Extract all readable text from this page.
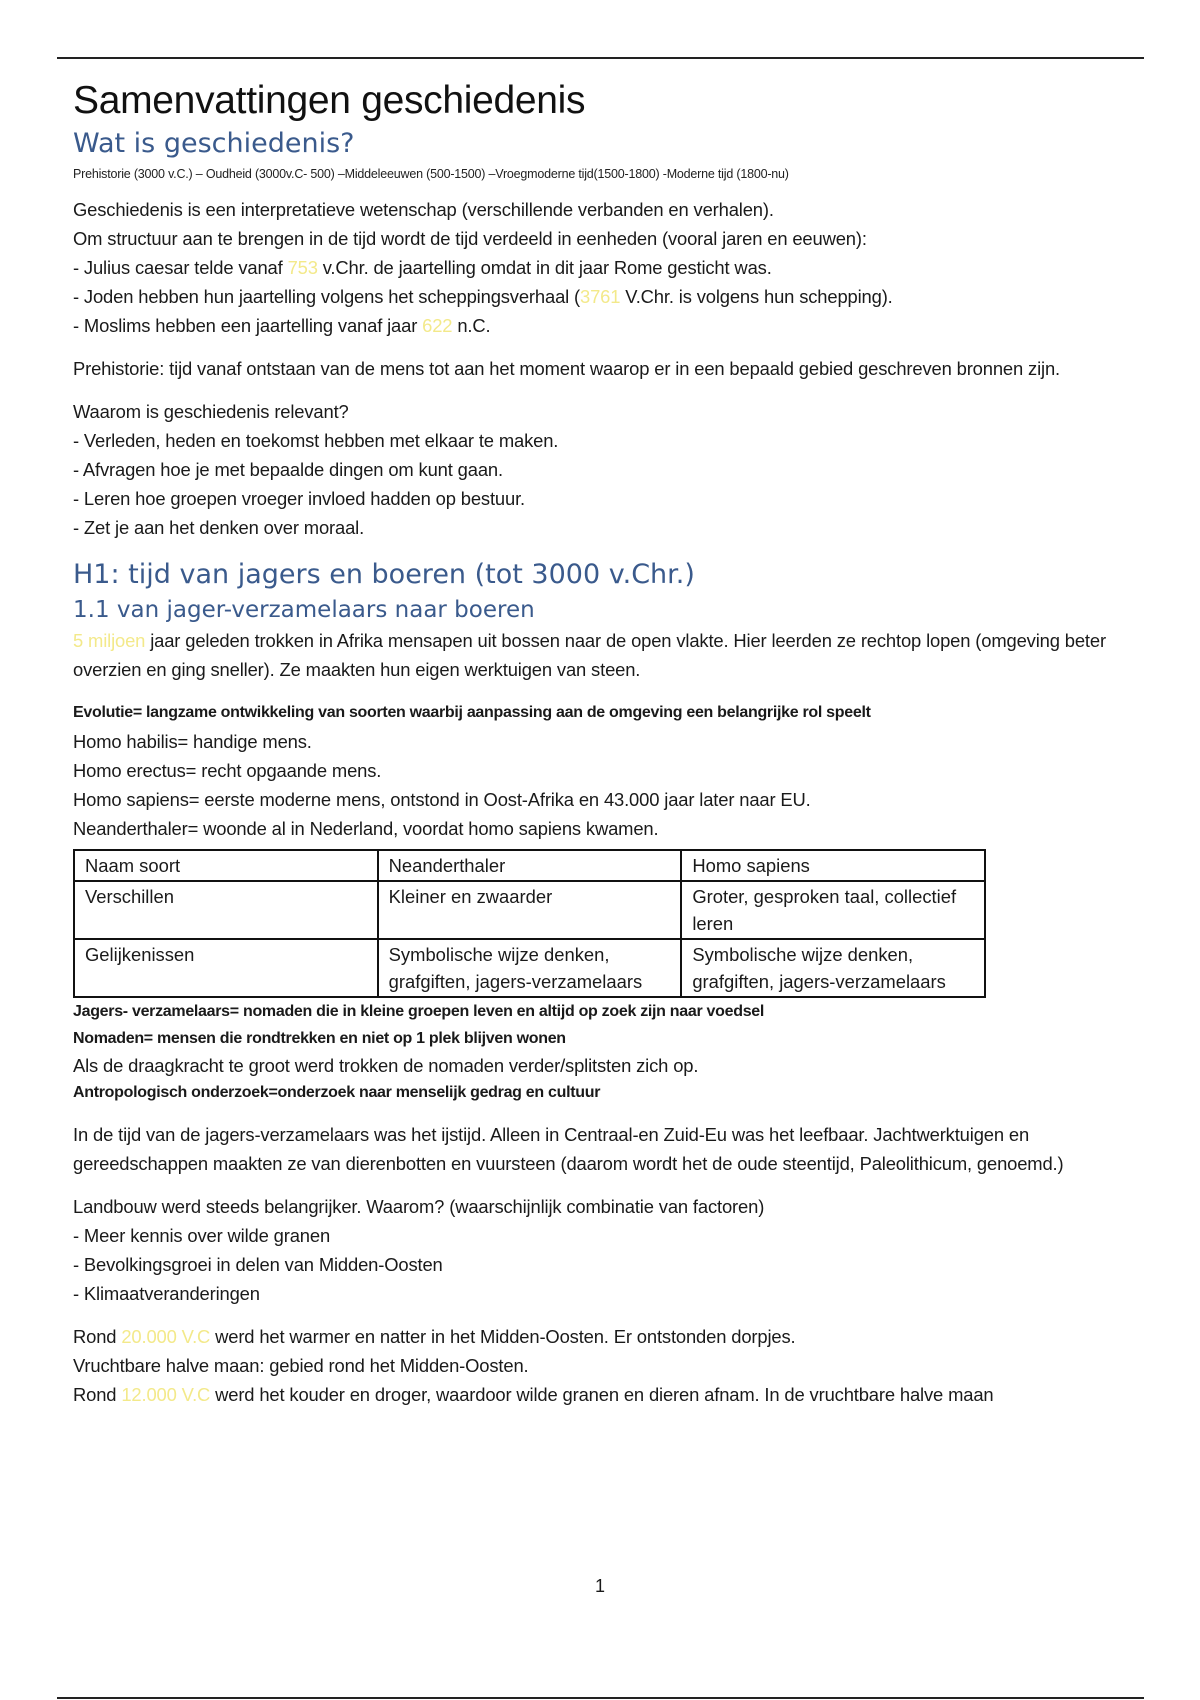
Samenvattingen geschiedenis
Wat is geschiedenis?
Prehistorie (3000 v.C.) – Oudheid (3000v.C- 500) –Middeleeuwen (500-1500) –Vroegmoderne tijd(1500-1800) -Moderne tijd (1800-nu)

Geschiedenis is een interpretatieve wetenschap (verschillende verbanden en verhalen).
Om structuur aan te brengen in de tijd wordt de tijd verdeeld in eenheden (vooral jaren en eeuwen):
- Julius caesar telde vanaf 753 v.Chr. de jaartelling omdat in dit jaar Rome gesticht was.
- Joden hebben hun jaartelling volgens het scheppingsverhaal (3761 V.Chr. is volgens hun schepping).
- Moslims hebben een jaartelling vanaf jaar 622 n.C.

Prehistorie: tijd vanaf ontstaan van de mens tot aan het moment waarop er in een bepaald gebied geschreven bronnen zijn.

Waarom is geschiedenis relevant?
- Verleden, heden en toekomst hebben met elkaar te maken.
- Afvragen hoe je met bepaalde dingen om kunt gaan.
- Leren hoe groepen vroeger invloed hadden op bestuur.
- Zet je aan het denken over moraal.

H1: tijd van jagers en boeren (tot 3000 v.Chr.)
1.1 van jager-verzamelaars naar boeren

5 miljoen jaar geleden trokken in Afrika mensapen uit bossen naar de open vlakte. Hier leerden ze rechtop lopen (omgeving beter overzien en ging sneller). Ze maakten hun eigen werktuigen van steen.

Evolutie= langzame ontwikkeling van soorten waarbij aanpassing aan de omgeving een belangrijke rol speelt
Homo habilis= handige mens.
Homo erectus= recht opgaande mens.
Homo sapiens= eerste moderne mens, ontstond in Oost-Afrika en 43.000 jaar later naar EU.
Neanderthaler= woonde al in Nederland, voordat homo sapiens kwamen.

Naam soort	Neanderthaler	Homo sapiens
Verschillen	Kleiner en zwaarder	Groter, gesproken taal, collectief leren
Gelijkenissen	Symbolische wijze denken, grafgiften, jagers-verzamelaars	Symbolische wijze denken, grafgiften, jagers-verzamelaars

Jagers- verzamelaars= nomaden die in kleine groepen leven en altijd op zoek zijn naar voedsel
Nomaden= mensen die rondtrekken en niet op 1 plek blijven wonen
Als de draagkracht te groot werd trokken de nomaden verder/splitsten zich op.
Antropologisch onderzoek=onderzoek naar menselijk gedrag en cultuur

In de tijd van de jagers-verzamelaars was het ijstijd. Alleen in Centraal-en Zuid-Eu was het leefbaar. Jachtwerktuigen en gereedschappen maakten ze van dierenbotten en vuursteen (daarom wordt het de oude steentijd, Paleolithicum, genoemd.)

Landbouw werd steeds belangrijker. Waarom? (waarschijnlijk combinatie van factoren)
- Meer kennis over wilde granen
- Bevolkingsgroei in delen van Midden-Oosten
- Klimaatveranderingen

Rond 20.000 V.C werd het warmer en natter in het Midden-Oosten. Er ontstonden dorpjes.
Vruchtbare halve maan: gebied rond het Midden-Oosten.
Rond 12.000 V.C werd het kouder en droger, waardoor wilde granen en dieren afnam. In de vruchtbare halve maan

1
